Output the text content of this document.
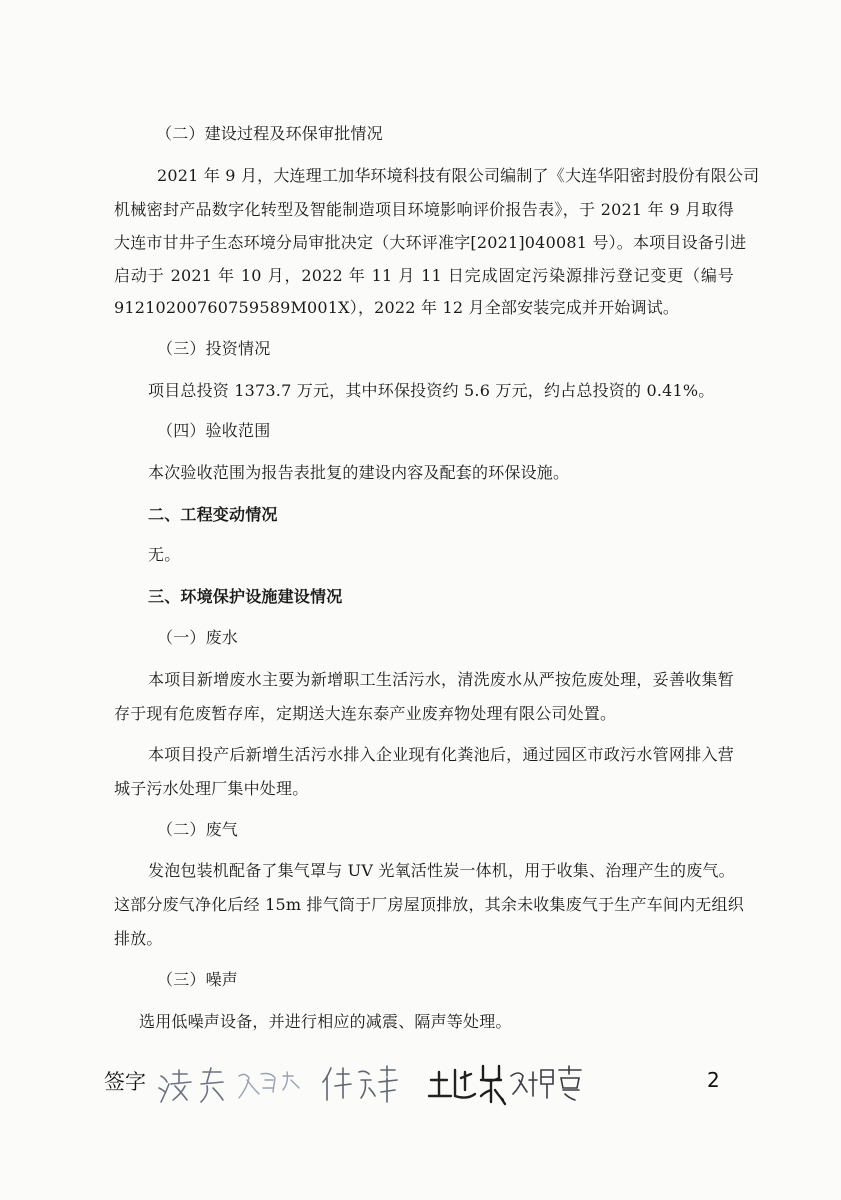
（二）建设过程及环保审批情况
2021 年 9 月，大连理工加华环境科技有限公司编制了《大连华阳密封股份有限公司
机械密封产品数字化转型及智能制造项目环境影响评价报告表》，于 2021 年 9 月取得
大连市甘井子生态环境分局审批决定（大环评准字[2021]040081 号）。本项目设备引进
启动于 2021 年 10 月，2022 年 11 月 11 日完成固定污染源排污登记变更（编号
91210200760759589M001X），2022 年 12 月全部安装完成并开始调试。
（三）投资情况
项目总投资 1373.7 万元，其中环保投资约 5.6 万元，约占总投资的 0.41%。
（四）验收范围
本次验收范围为报告表批复的建设内容及配套的环保设施。
二、工程变动情况
无。
三、环境保护设施建设情况
（一）废水
本项目新增废水主要为新增职工生活污水，清洗废水从严按危废处理，妥善收集暂
存于现有危废暂存库，定期送大连东泰产业废弃物处理有限公司处置。
本项目投产后新增生活污水排入企业现有化粪池后，通过园区市政污水管网排入营
城子污水处理厂集中处理。
（二）废气
发泡包装机配备了集气罩与 UV 光氧活性炭一体机，用于收集、治理产生的废气。
这部分废气净化后经 15m 排气筒于厂房屋顶排放，其余未收集废气于生产车间内无组织
排放。
（三）噪声
选用低噪声设备，并进行相应的减震、隔声等处理。
签字	2
